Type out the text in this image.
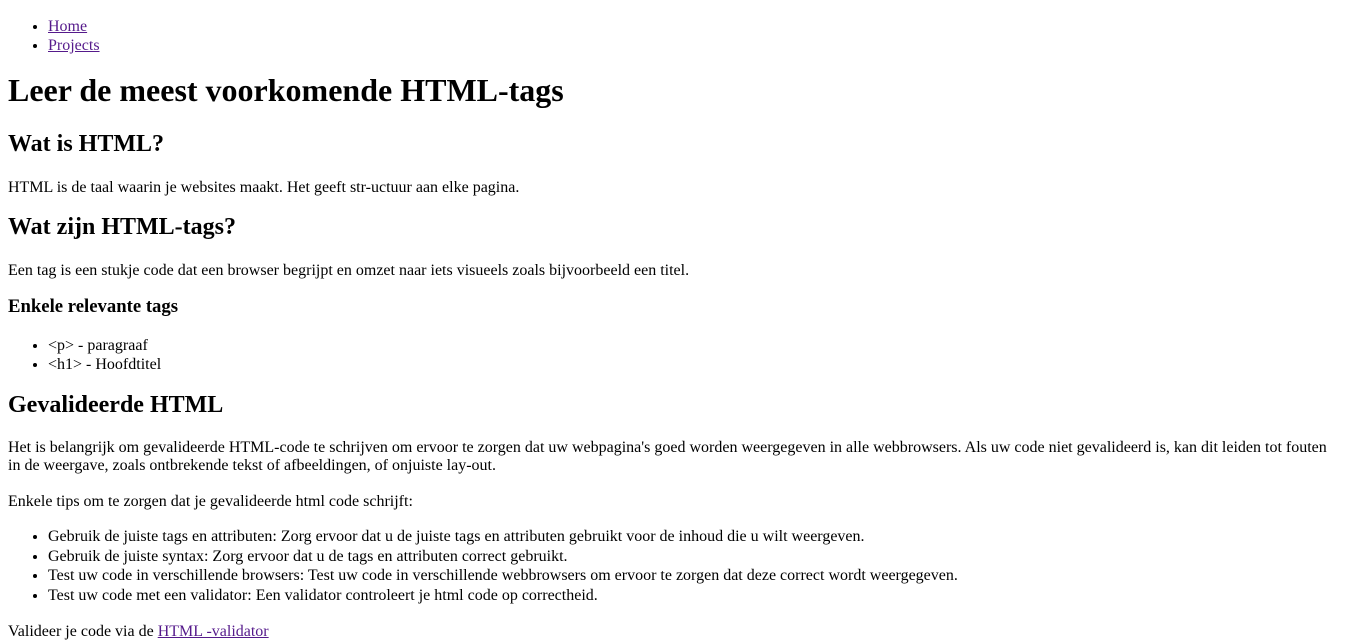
• Home
• Projects
Leer de meest voorkomende HTML-tags
Wat is HTML?

HTML is de taal waarin je websites maakt. Het geeft str-uctuur aan elke pagina.

Wat zijn HTML-tags?

Een tag is een stukje code dat een browser begrijpt en omzet naar iets visueels zoals bijvoorbeeld een titel.

Enkele relevante tags
• <p> - paragraaf
• <h1> - Hoofdtitel
Gevalideerde HTML

Het is belangrijk om gevalideerde HTML-code te schrijven om ervoor te zorgen dat uw webpagina's goed worden weergegeven in alle webbrowsers. Als uw code niet gevalideerd is, kan dit leiden tot fouten in de weergave, zoals ontbrekende tekst of afbeeldingen, of onjuiste lay-out.

Enkele tips om te zorgen dat je gevalideerde html code schrijft:

• Gebruik de juiste tags en attributen: Zorg ervoor dat u de juiste tags en attributen gebruikt voor de inhoud die u wilt weergeven.
• Gebruik de juiste syntax: Zorg ervoor dat u de tags en attributen correct gebruikt.
• Test uw code in verschillende browsers: Test uw code in verschillende webbrowsers om ervoor te zorgen dat deze correct wordt weergegeven.
• Test uw code met een validator: Een validator controleert je html code op correctheid.

Valideer je code via de HTML -validator
